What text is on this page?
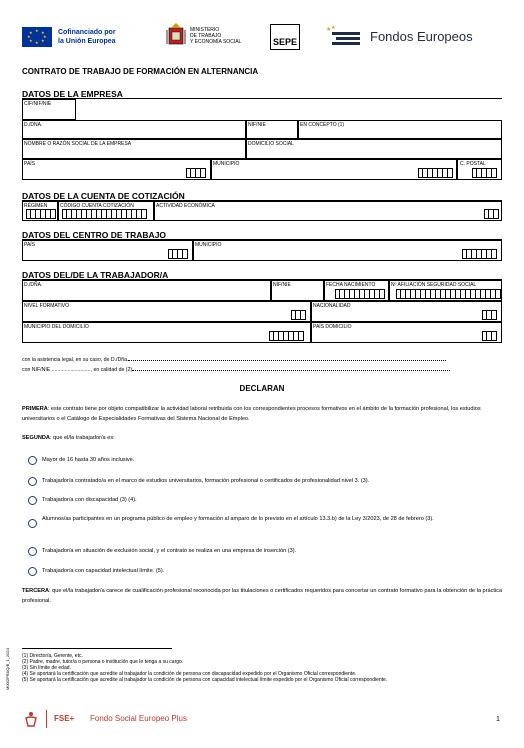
★ ★
★
★
★
★
★
★	Cofinanciado por
la Unión Europea
MINISTERIO
DE TRABAJO
Y ECONOMÍA SOCIAL	SEPE
★ ★
Fondos Europeos
CONTRATO DE TRABAJO DE FORMACIÓN EN ALTERNANCIA
DATOS DE LA EMPRESA
CIF/NIF/NIE
D./DNA.	NIF/NIE	EN CONCEPTO (1)
NOMBRE O RAZÓN SOCIAL DE LA EMPRESA	DOMICILIO SOCIAL
PAÍS	MUNICIPIO	C. POSTAL
DATOS DE LA CUENTA DE COTIZACIÓN
RÉGIMEN	CÓDIGO CUENTA COTIZACIÓN	ACTIVIDAD ECONÓMICA
DATOS DEL CENTRO DE TRABAJO
PAÍS	MUNICIPIO
DATOS DEL/DE LA TRABAJADOR/A
D./DÑA.	NIF/NIE	FECHA NACIMIENTO	Nº AFILIACIÓN SEGURIDAD SOCIAL
NIVEL FORMATIVO	NACIONALIDAD
MUNICIPIO DEL DOMICILIO	PAÍS DOMICILIO
con la asistencia legal, en su caso, de D./Dña.
con NIF/NIE ..........................., en calidad de (2)
DECLARAN
PRIMERA: este contrato tiene por objeto compatibilizar la actividad laboral retribuida con los correspondientes procesos formativos en el ámbito de la formación profesional, los estudios universitarios o el Catálogo de Especialidades Formativas del Sistema Nacional de Empleo.
SEGUNDA: que el/la trabajador/a es:
Mayor de 16 hasta 30 años inclusive.
Trabajador/a contratado/a en el marco de estudios universitarios, formación profesional o certificados de profesionalidad nivel 3. (3).
Trabajador/a con discapacidad (3) (4).
Alumnos/as participantes en un programa público de empleo y formación al amparo de lo previsto en el artículo 13.3.b) de la Ley 3/2023, de 28 de febrero (3).
Trabajador/a en situación de exclusión social, y el contrato se realiza en una empresa de inserción (3).
Trabajador/a con capacidad intelectual límite. (5).
TERCERA: que el/la trabajador/a carece de cualificación profesional reconocida por las titulaciones o certificados requeridos para concertar un contrato formativo para la obtención de la práctica profesional.
M00/2PRAQ/B_1_2024 (1) Director/a, Gerente, etc.
(2) Padre, madre, tutor/a o persona o institución que le tenga a su cargo.
(3) Sin límite de edad.
(4) Se aportará la certificación que acredite al trabajador la condición de persona con discapacidad expedido por el Organismo Oficial correspondiente.
(5) Se aportará la certificación que acredite al trabajador la condición de persona con capacidad intelectual límite expedido por el Organismo Oficial correspondiente.
FSE+ Fondo Social Europeo Plus	1
